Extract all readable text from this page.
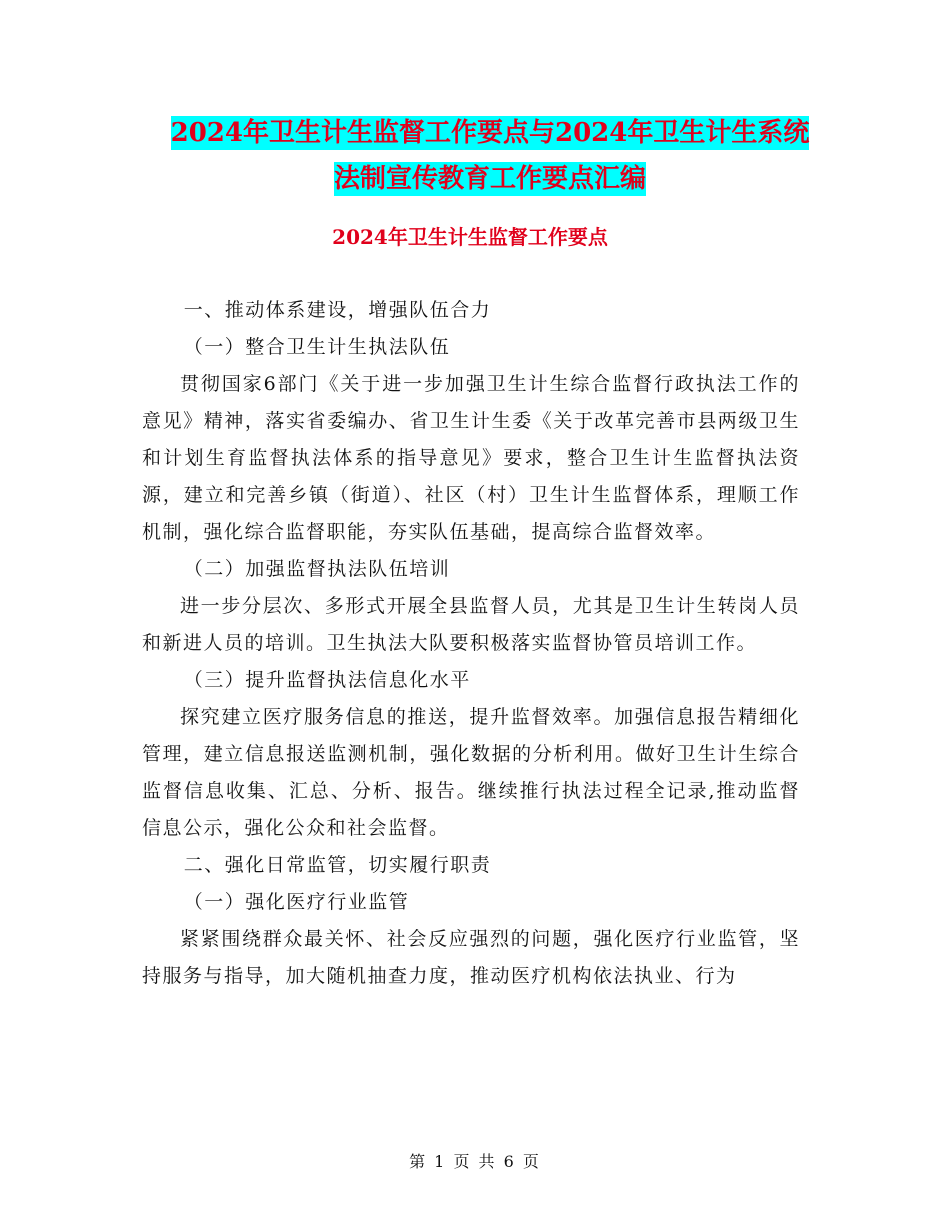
2024年卫生计生监督工作要点与2024年卫生计生系统
法制宣传教育工作要点汇编
2024年卫生计生监督工作要点

一、推动体系建设，增强队伍合力

（一）整合卫生计生执法队伍

贯彻国家6部门《关于进一步加强卫生计生综合监督行政执法工作的意见》精神，落实省委编办、省卫生计生委《关于改革完善市县两级卫生和计划生育监督执法体系的指导意见》要求，整合卫生计生监督执法资源，建立和完善乡镇（街道）、社区（村）卫生计生监督体系，理顺工作机制，强化综合监督职能，夯实队伍基础，提高综合监督效率。

（二）加强监督执法队伍培训

进一步分层次、多形式开展全县监督人员，尤其是卫生计生转岗人员和新进人员的培训。卫生执法大队要积极落实监督协管员培训工作。

（三）提升监督执法信息化水平

探究建立医疗服务信息的推送，提升监督效率。加强信息报告精细化管理，建立信息报送监测机制，强化数据的分析利用。做好卫生计生综合监督信息收集、汇总、分析、报告。继续推行执法过程全记录,推动监督信息公示，强化公众和社会监督。

二、强化日常监管，切实履行职责

（一）强化医疗行业监管

紧紧围绕群众最关怀、社会反应强烈的问题，强化医疗行业监管，坚持服务与指导，加大随机抽查力度，推动医疗机构依法执业、行为

第 1 页 共 6 页
